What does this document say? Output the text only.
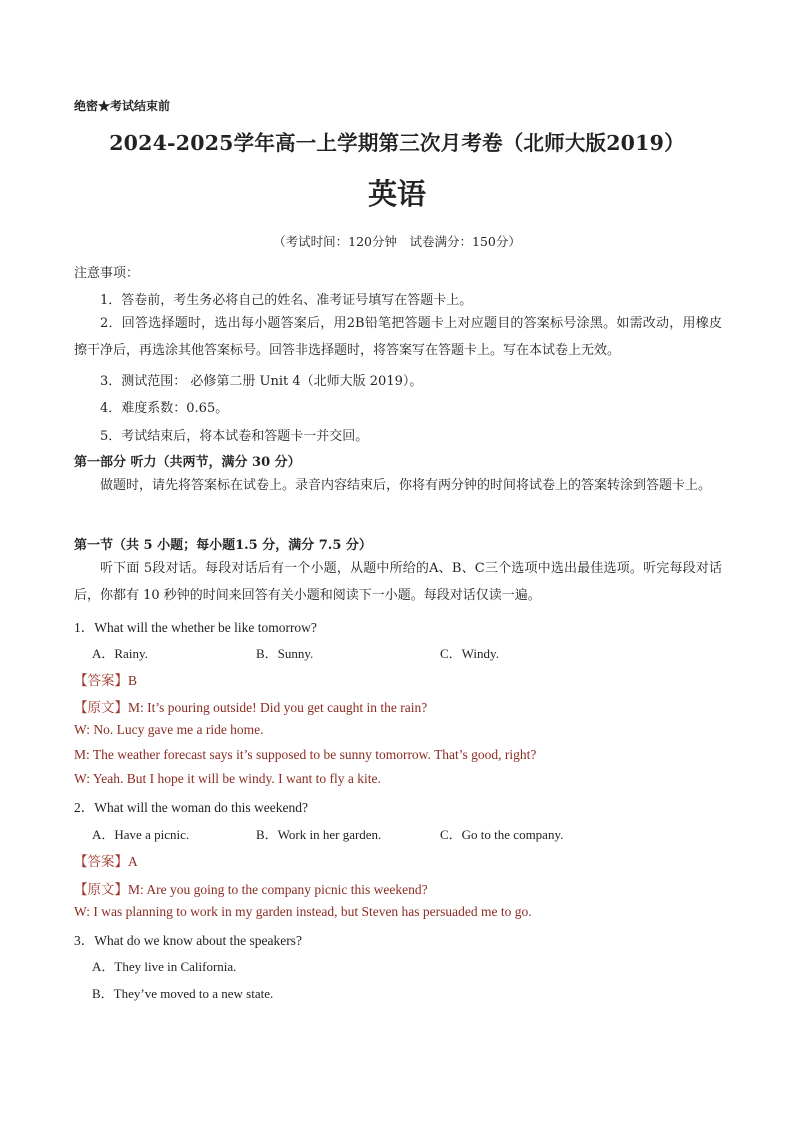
绝密★考试结束前
2024-2025学年高一上学期第三次月考卷（北师大版2019）
英语
（考试时间：120分钟　试卷满分：150分）
注意事项：
1．答卷前，考生务必将自己的姓名、准考证号填写在答题卡上。
2．回答选择题时，选出每小题答案后，用2B铅笔把答题卡上对应题目的答案标号涂黑。如需改动，用橡皮擦干净后，再选涂其他答案标号。回答非选择题时，将答案写在答题卡上。写在本试卷上无效。
3．测试范围： 必修第二册 Unit 4（北师大版 2019）。
4．难度系数：0.65。
5．考试结束后，将本试卷和答题卡一并交回。
第一部分 听力（共两节，满分 30 分）
做题时，请先将答案标在试卷上。录音内容结束后，你将有两分钟的时间将试卷上的答案转涂到答题卡上。
第一节（共 5 小题；每小题1.5 分，满分 7.5 分）
听下面 5段对话。每段对话后有一个小题，从题中所给的A、B、C三个选项中选出最佳选项。听完每段对话后，你都有 10 秒钟的时间来回答有关小题和阅读下一小题。每段对话仅读一遍。
1．What will the whether be like tomorrow?
A．Rainy.	B．Sunny.	C．Windy.
【答案】B
【原文】M: It’s pouring outside! Did you get caught in the rain?
W: No. Lucy gave me a ride home.
M: The weather forecast says it’s supposed to be sunny tomorrow. That’s good, right?
W: Yeah. But I hope it will be windy. I want to fly a kite.
2．What will the woman do this weekend?
A．Have a picnic.	B．Work in her garden.	C．Go to the company.
【答案】A
【原文】M: Are you going to the company picnic this weekend?
W: I was planning to work in my garden instead, but Steven has persuaded me to go.
3．What do we know about the speakers?
A．They live in California.
B．They’ve moved to a new state.
